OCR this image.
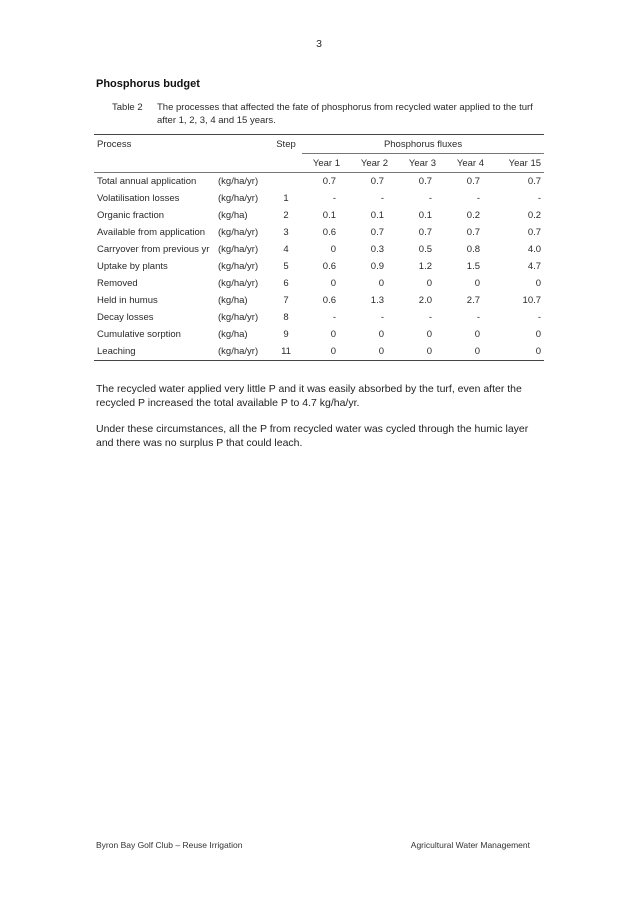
3
Phosphorus budget
Table 2	The processes that affected the fate of phosphorus from recycled water applied to the turf after 1, 2, 3, 4 and 15 years.
Process		Step	Phosphorus fluxes				
			Year 1	Year 2	Year 3	Year 4	Year 15
Total annual application	(kg/ha/yr)		0.7	0.7	0.7	0.7	0.7
Volatilisation losses	(kg/ha/yr)	1	-	-	-	-	-
Organic fraction	(kg/ha)	2	0.1	0.1	0.1	0.2	0.2
Available from application	(kg/ha/yr)	3	0.6	0.7	0.7	0.7	0.7
Carryover from previous yr	(kg/ha/yr)	4	0	0.3	0.5	0.8	4.0
Uptake by plants	(kg/ha/yr)	5	0.6	0.9	1.2	1.5	4.7
Removed	(kg/ha/yr)	6	0	0	0	0	0
Held in humus	(kg/ha)	7	0.6	1.3	2.0	2.7	10.7
Decay losses	(kg/ha/yr)	8	-	-	-	-	-
Cumulative sorption	(kg/ha)	9	0	0	0	0	0
Leaching	(kg/ha/yr)	11	0	0	0	0	0
The recycled water applied very little P and it was easily absorbed by the turf, even after the recycled P increased the total available P to 4.7 kg/ha/yr.
Under these circumstances, all the P from recycled water was cycled through the humic layer and there was no surplus P that could leach.
Byron Bay Golf Club – Reuse Irrigation	Agricultural Water Management
